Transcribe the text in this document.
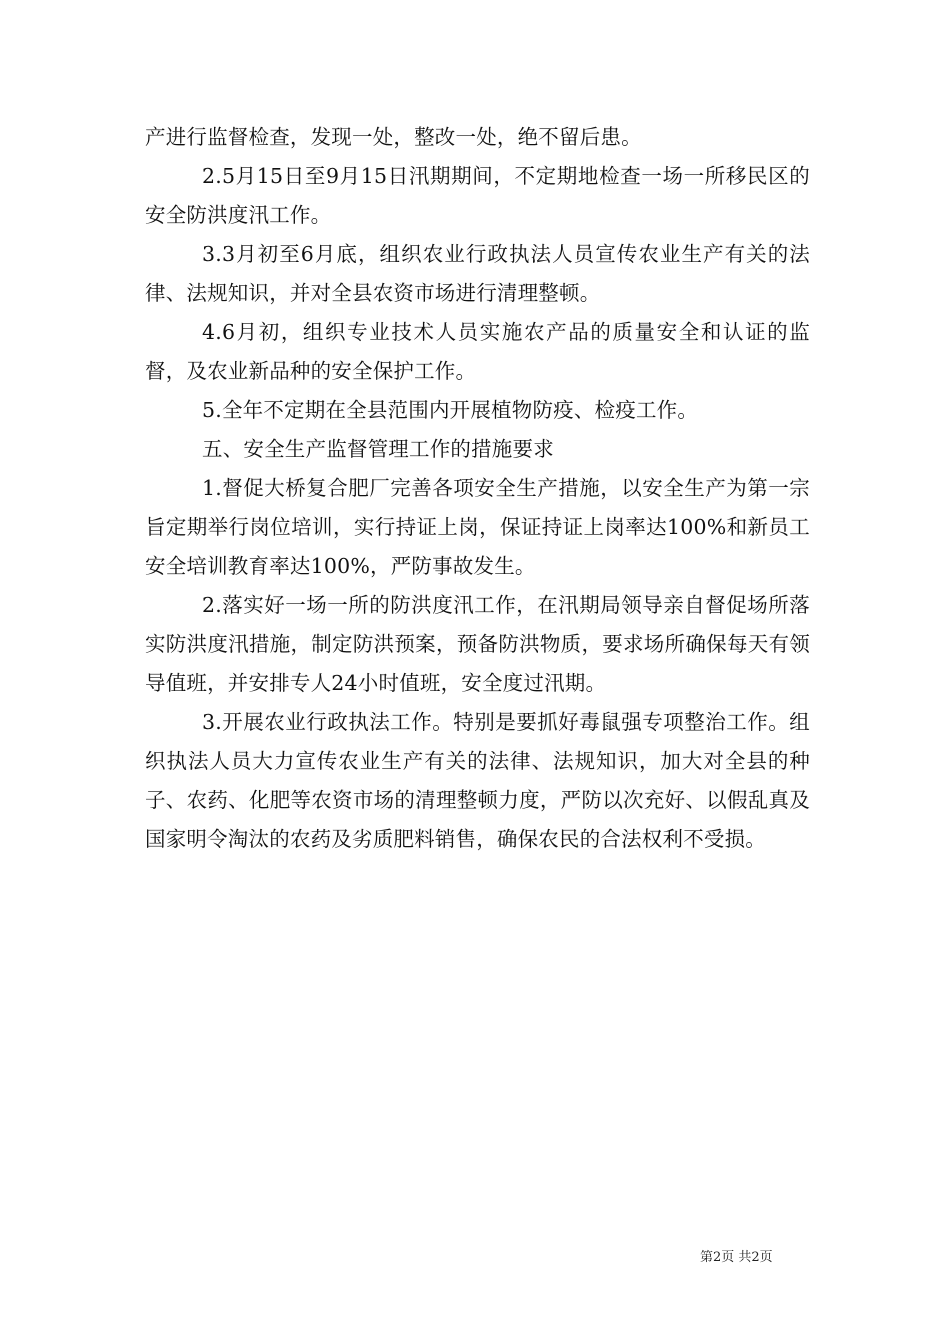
产进行监督检查，发现一处，整改一处，绝不留后患。

2.5月15日至9月15日汛期期间，不定期地检查一场一所移民区的安全防洪度汛工作。

3.3月初至6月底，组织农业行政执法人员宣传农业生产有关的法律、法规知识，并对全县农资市场进行清理整顿。

4.6月初，组织专业技术人员实施农产品的质量安全和认证的监督，及农业新品种的安全保护工作。

5.全年不定期在全县范围内开展植物防疫、检疫工作。

五、安全生产监督管理工作的措施要求

1.督促大桥复合肥厂完善各项安全生产措施，以安全生产为第一宗旨定期举行岗位培训，实行持证上岗，保证持证上岗率达100%和新员工安全培训教育率达100%，严防事故发生。

2.落实好一场一所的防洪度汛工作，在汛期局领导亲自督促场所落实防洪度汛措施，制定防洪预案，预备防洪物质，要求场所确保每天有领导值班，并安排专人24小时值班，安全度过汛期。

3.开展农业行政执法工作。特别是要抓好毒鼠强专项整治工作。组织执法人员大力宣传农业生产有关的法律、法规知识，加大对全县的种子、农药、化肥等农资市场的清理整顿力度，严防以次充好、以假乱真及国家明令淘汰的农药及劣质肥料销售，确保农民的合法权利不受损。

第2页 共2页
